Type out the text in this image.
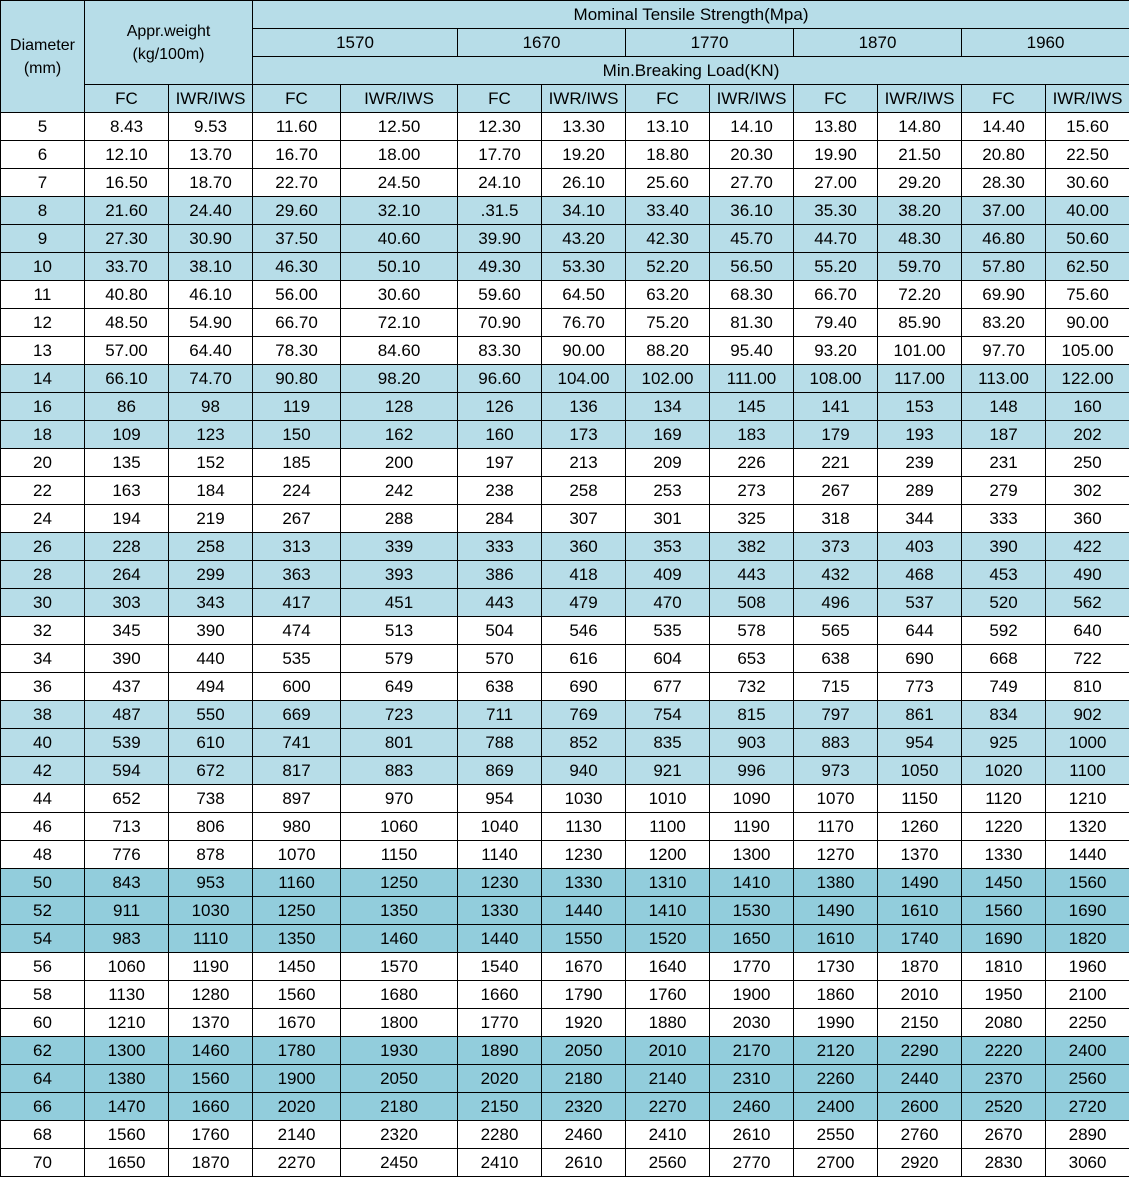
Diameter
(mm)	Appr.weight
(kg/100m)		Mominal Tensile Strength(Mpa)									
			1570		1670		1770		1870		1960	
			Min.Breaking Load(KN)									
	FC	IWR/IWS	FC	IWR/IWS	FC	IWR/IWS	FC	IWR/IWS	FC	IWR/IWS	FC	IWR/IWS
5	8.43	9.53	11.60	12.50	12.30	13.30	13.10	14.10	13.80	14.80	14.40	15.60
6	12.10	13.70	16.70	18.00	17.70	19.20	18.80	20.30	19.90	21.50	20.80	22.50
7	16.50	18.70	22.70	24.50	24.10	26.10	25.60	27.70	27.00	29.20	28.30	30.60
8	21.60	24.40	29.60	32.10	.31.5	34.10	33.40	36.10	35.30	38.20	37.00	40.00
9	27.30	30.90	37.50	40.60	39.90	43.20	42.30	45.70	44.70	48.30	46.80	50.60
10	33.70	38.10	46.30	50.10	49.30	53.30	52.20	56.50	55.20	59.70	57.80	62.50
11	40.80	46.10	56.00	30.60	59.60	64.50	63.20	68.30	66.70	72.20	69.90	75.60
12	48.50	54.90	66.70	72.10	70.90	76.70	75.20	81.30	79.40	85.90	83.20	90.00
13	57.00	64.40	78.30	84.60	83.30	90.00	88.20	95.40	93.20	101.00	97.70	105.00
14	66.10	74.70	90.80	98.20	96.60	104.00	102.00	111.00	108.00	117.00	113.00	122.00
16	86	98	119	128	126	136	134	145	141	153	148	160
18	109	123	150	162	160	173	169	183	179	193	187	202
20	135	152	185	200	197	213	209	226	221	239	231	250
22	163	184	224	242	238	258	253	273	267	289	279	302
24	194	219	267	288	284	307	301	325	318	344	333	360
26	228	258	313	339	333	360	353	382	373	403	390	422
28	264	299	363	393	386	418	409	443	432	468	453	490
30	303	343	417	451	443	479	470	508	496	537	520	562
32	345	390	474	513	504	546	535	578	565	644	592	640
34	390	440	535	579	570	616	604	653	638	690	668	722
36	437	494	600	649	638	690	677	732	715	773	749	810
38	487	550	669	723	711	769	754	815	797	861	834	902
40	539	610	741	801	788	852	835	903	883	954	925	1000
42	594	672	817	883	869	940	921	996	973	1050	1020	1100
44	652	738	897	970	954	1030	1010	1090	1070	1150	1120	1210
46	713	806	980	1060	1040	1130	1100	1190	1170	1260	1220	1320
48	776	878	1070	1150	1140	1230	1200	1300	1270	1370	1330	1440
50	843	953	1160	1250	1230	1330	1310	1410	1380	1490	1450	1560
52	911	1030	1250	1350	1330	1440	1410	1530	1490	1610	1560	1690
54	983	1110	1350	1460	1440	1550	1520	1650	1610	1740	1690	1820
56	1060	1190	1450	1570	1540	1670	1640	1770	1730	1870	1810	1960
58	1130	1280	1560	1680	1660	1790	1760	1900	1860	2010	1950	2100
60	1210	1370	1670	1800	1770	1920	1880	2030	1990	2150	2080	2250
62	1300	1460	1780	1930	1890	2050	2010	2170	2120	2290	2220	2400
64	1380	1560	1900	2050	2020	2180	2140	2310	2260	2440	2370	2560
66	1470	1660	2020	2180	2150	2320	2270	2460	2400	2600	2520	2720
68	1560	1760	2140	2320	2280	2460	2410	2610	2550	2760	2670	2890
70	1650	1870	2270	2450	2410	2610	2560	2770	2700	2920	2830	3060
